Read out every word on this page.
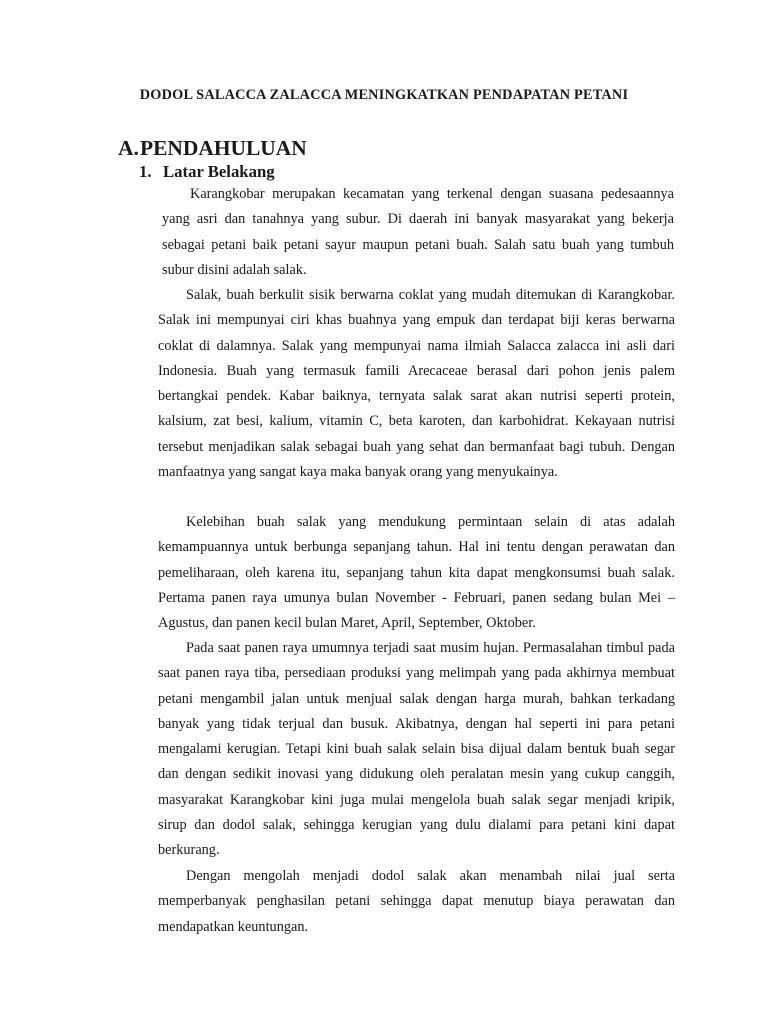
DODOL SALACCA ZALACCA MENINGKATKAN PENDAPATAN PETANI
A.PENDAHULUAN
1. Latar Belakang

Karangkobar merupakan kecamatan yang terkenal dengan suasana pedesaannya yang asri dan tanahnya yang subur. Di daerah ini banyak masyarakat yang bekerja sebagai petani baik petani sayur maupun petani buah. Salah satu buah yang tumbuh subur disini adalah salak.

Salak, buah berkulit sisik berwarna coklat yang mudah ditemukan di Karangkobar. Salak ini mempunyai ciri khas buahnya yang empuk dan terdapat biji keras berwarna coklat di dalamnya. Salak yang mempunyai nama ilmiah Salacca zalacca ini asli dari Indonesia. Buah yang termasuk famili Arecaceae berasal dari pohon jenis palem bertangkai pendek. Kabar baiknya, ternyata salak sarat akan nutrisi seperti protein, kalsium, zat besi, kalium, vitamin C, beta karoten, dan karbohidrat. Kekayaan nutrisi tersebut menjadikan salak sebagai buah yang sehat dan bermanfaat bagi tubuh. Dengan manfaatnya yang sangat kaya maka banyak orang yang menyukainya.

Kelebihan buah salak yang mendukung permintaan selain di atas adalah kemampuannya untuk berbunga sepanjang tahun. Hal ini tentu dengan perawatan dan pemeliharaan, oleh karena itu, sepanjang tahun kita dapat mengkonsumsi buah salak. Pertama panen raya umunya bulan November - Februari, panen sedang bulan Mei – Agustus, dan panen kecil bulan Maret, April, September, Oktober.

Pada saat panen raya umumnya terjadi saat musim hujan. Permasalahan timbul pada saat panen raya tiba, persediaan produksi yang melimpah yang pada akhirnya membuat petani mengambil jalan untuk menjual salak dengan harga murah, bahkan terkadang banyak yang tidak terjual dan busuk. Akibatnya, dengan hal seperti ini para petani mengalami kerugian. Tetapi kini buah salak selain bisa dijual dalam bentuk buah segar dan dengan sedikit inovasi yang didukung oleh peralatan mesin yang cukup canggih, masyarakat Karangkobar kini juga mulai mengelola buah salak segar menjadi kripik, sirup dan dodol salak, sehingga kerugian yang dulu dialami para petani kini dapat berkurang.

Dengan mengolah menjadi dodol salak akan menambah nilai jual serta memperbanyak penghasilan petani sehingga dapat menutup biaya perawatan dan mendapatkan keuntungan.
